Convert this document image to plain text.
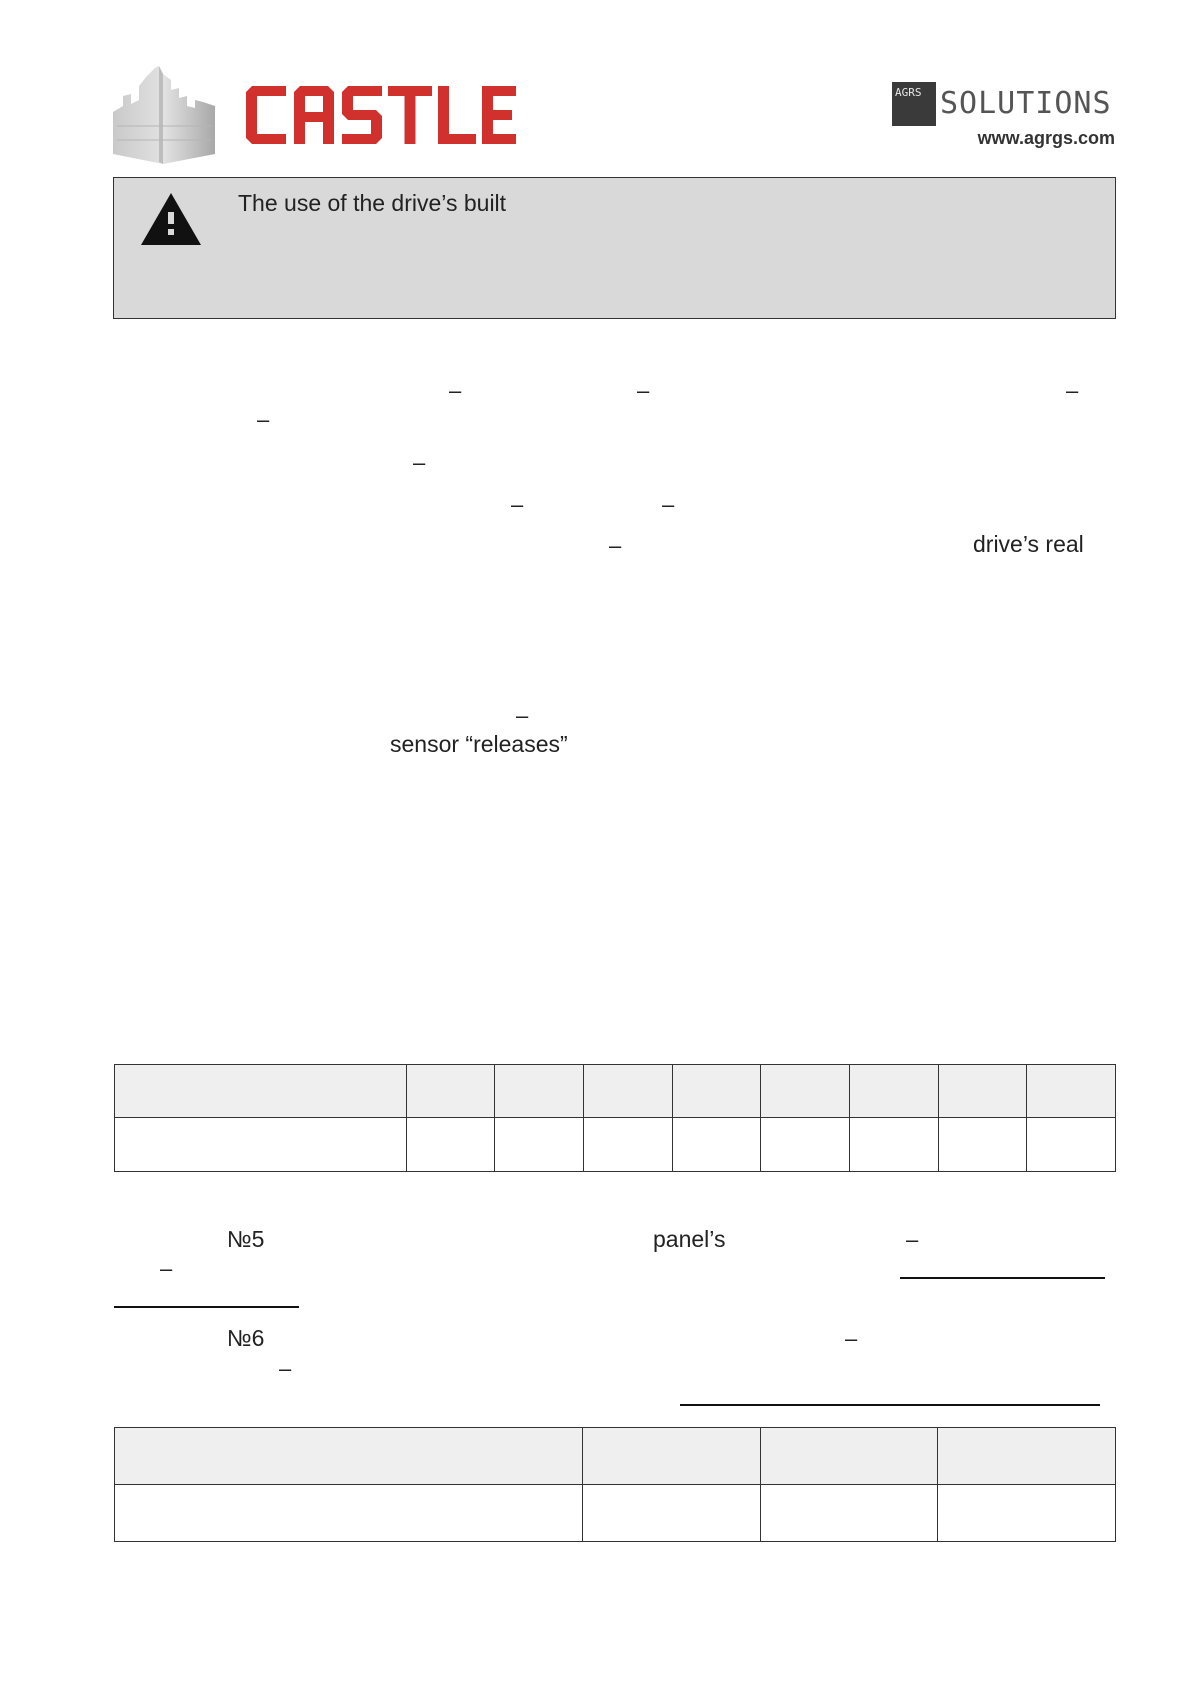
AGRS SOLUTIONS
www.agrgs.com
The use of the drive’s built
–	–	–
–
–
–	–
–	drive’s real
–
sensor “releases”

№5	panel’s	–
–
№6	–
–
